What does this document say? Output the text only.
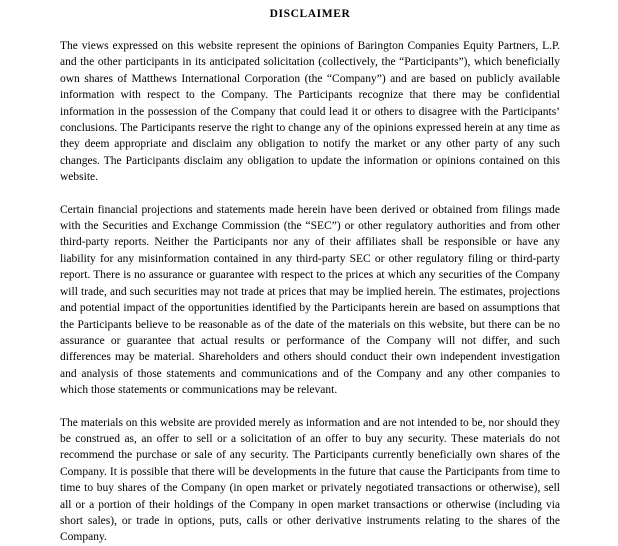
DISCLAIMER

The views expressed on this website represent the opinions of Barington Companies Equity Partners, L.P. and the other participants in its anticipated solicitation (collectively, the “Participants”), which beneficially own shares of Matthews International Corporation (the “Company”) and are based on publicly available information with respect to the Company. The Participants recognize that there may be confidential information in the possession of the Company that could lead it or others to disagree with the Participants’ conclusions. The Participants reserve the right to change any of the opinions expressed herein at any time as they deem appropriate and disclaim any obligation to notify the market or any other party of any such changes. The Participants disclaim any obligation to update the information or opinions contained on this website.

Certain financial projections and statements made herein have been derived or obtained from filings made with the Securities and Exchange Commission (the “SEC”) or other regulatory authorities and from other third-party reports. Neither the Participants nor any of their affiliates shall be responsible or have any liability for any misinformation contained in any third-party SEC or other regulatory filing or third-party report. There is no assurance or guarantee with respect to the prices at which any securities of the Company will trade, and such securities may not trade at prices that may be implied herein. The estimates, projections and potential impact of the opportunities identified by the Participants herein are based on assumptions that the Participants believe to be reasonable as of the date of the materials on this website, but there can be no assurance or guarantee that actual results or performance of the Company will not differ, and such differences may be material. Shareholders and others should conduct their own independent investigation and analysis of those statements and communications and of the Company and any other companies to which those statements or communications may be relevant.

The materials on this website are provided merely as information and are not intended to be, nor should they be construed as, an offer to sell or a solicitation of an offer to buy any security. These materials do not recommend the purchase or sale of any security. The Participants currently beneficially own shares of the Company. It is possible that there will be developments in the future that cause the Participants from time to time to buy shares of the Company (in open market or privately negotiated transactions or otherwise), sell all or a portion of their holdings of the Company in open market transactions or otherwise (including via short sales), or trade in options, puts, calls or other derivative instruments relating to the shares of the Company.
